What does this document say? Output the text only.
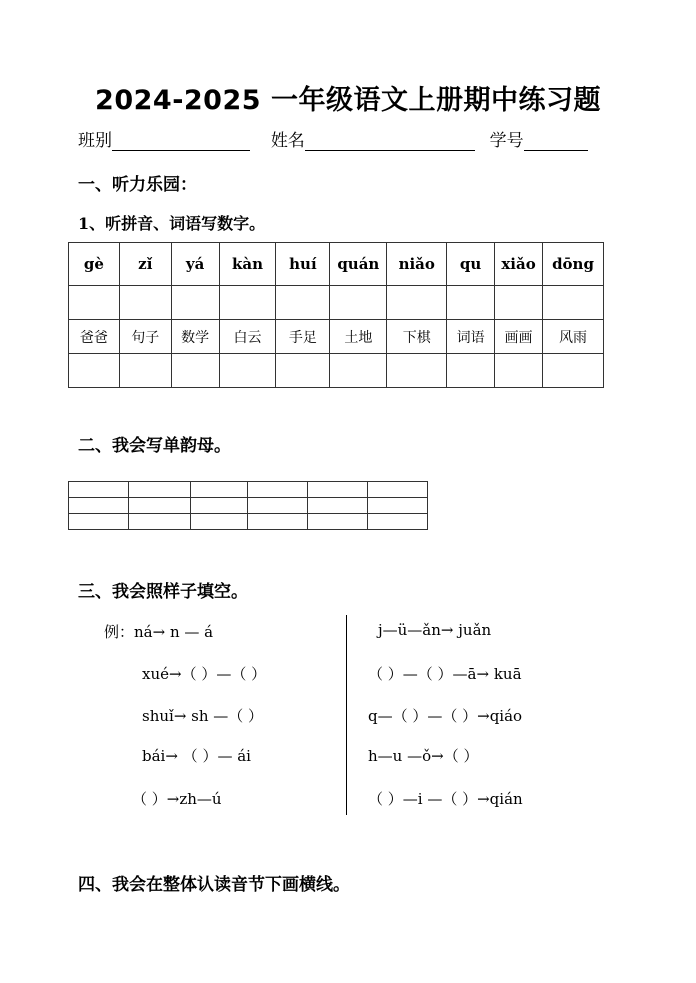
2024-2025 一年级语文上册期中练习题
班别	姓名	学号
一、听力乐园：
1、听拼音、词语写数字。
gè	zǐ	yá	kàn	huí	quán	niǎo	qu	xiǎo	dōng

爸爸	句子	数学	白云	手足	土地	下棋	词语	画画	风雨

二、我会写单韵母。

三、我会照样子填空。
例：ná→ n — á
xué→（ ）—（ ）
shuǐ→ sh —（ ）
bái→ （ ）— ái
（ ）→zh—ú
j—ü—ǎn→ juǎn
（ ）—（ ）—ā→ kuā
q—（ ）—（ ）→qiáo
h—u —ǒ→（ ）
（ ）—i —（ ）→qián
四、我会在整体认读音节下画横线。
